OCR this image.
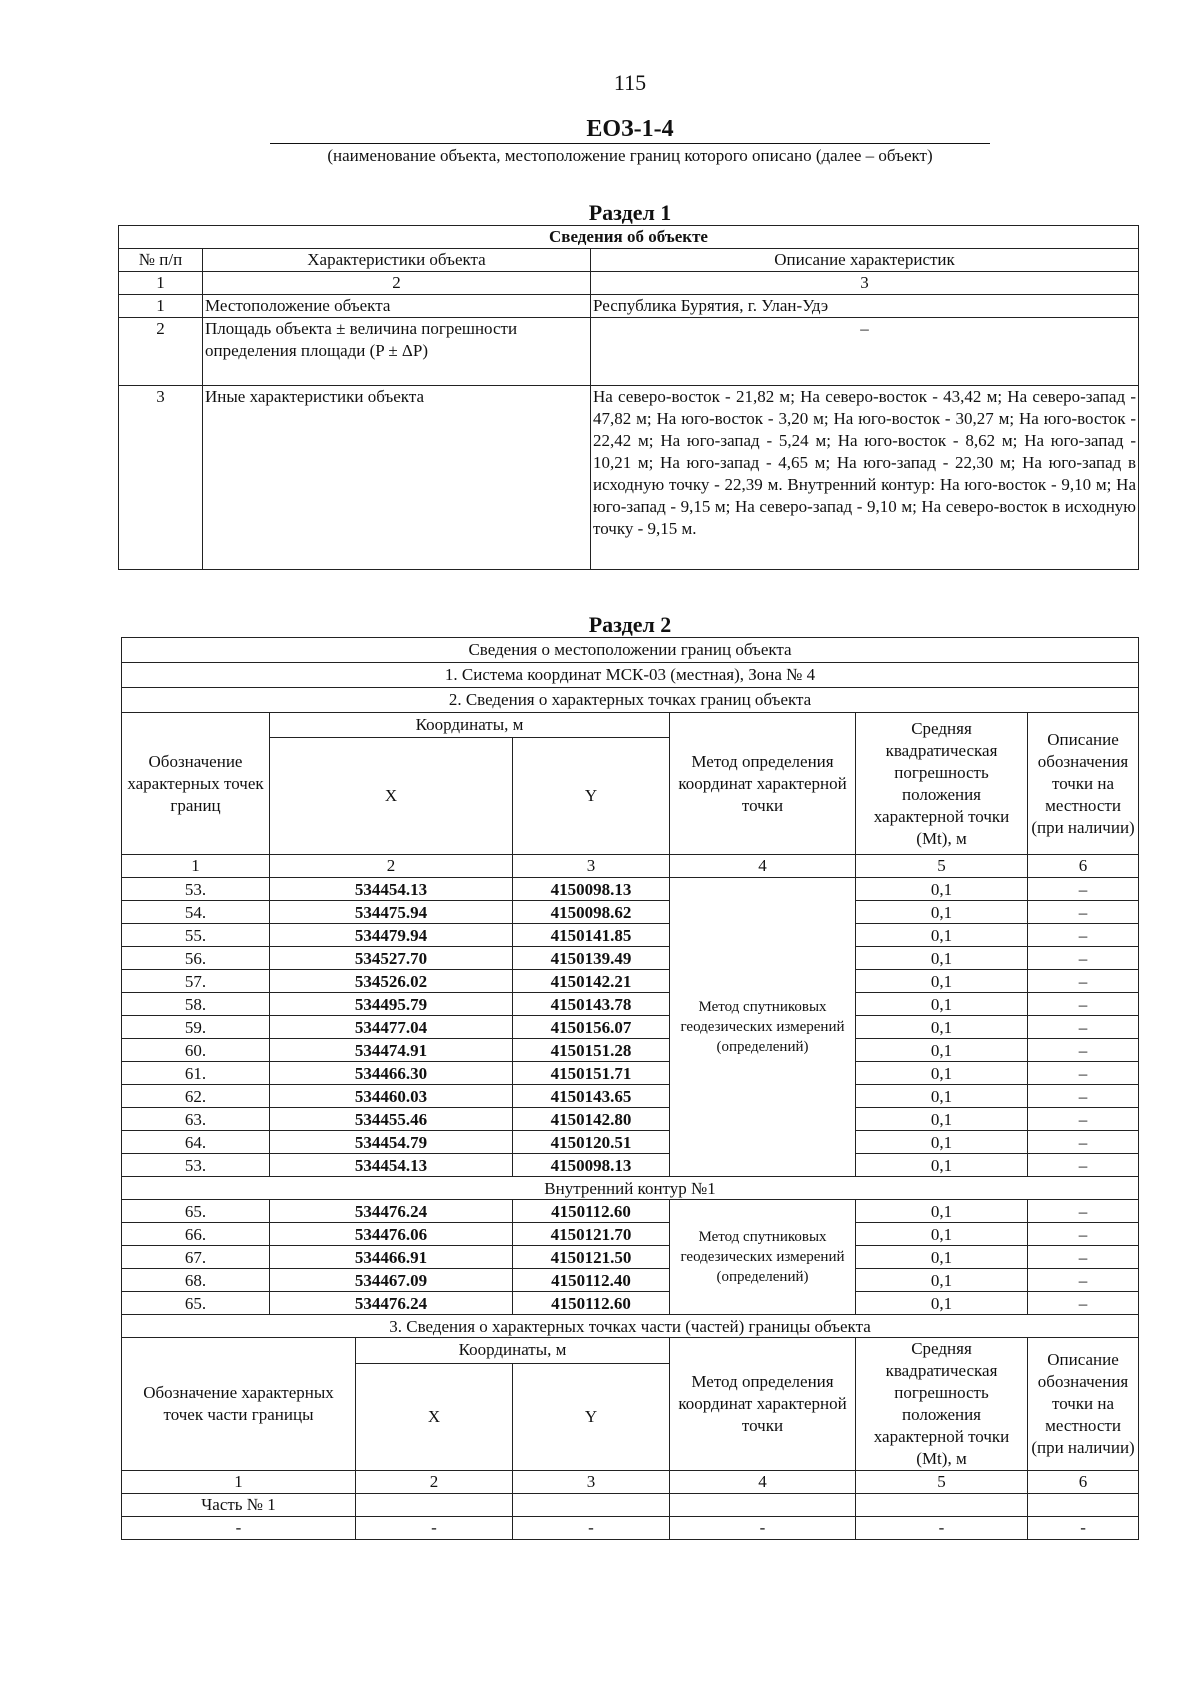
115
ЕОЗ-1-4
(наименование объекта, местоположение границ которого описано (далее – объект)
Раздел 1
Сведения об объекте		
№ п/п	Характеристики объекта	Описание характеристик
1	2	3
1	Местоположение объекта	Республика Бурятия, г. Улан-Удэ
2	Площадь объекта ± величина погрешности определения площади (P ± ΔP)	–
3	Иные характеристики объекта	На северо-восток - 21,82 м; На северо-восток - 43,42 м; На северо-запад - 47,82 м; На юго-восток - 3,20 м; На юго-восток - 30,27 м; На юго-восток - 22,42 м; На юго-запад - 5,24 м; На юго-восток - 8,62 м; На юго-запад - 10,21 м; На юго-запад - 4,65 м; На юго-запад - 22,30 м; На юго-запад в исходную точку - 22,39 м. Внутренний контур: На юго-восток - 9,10 м; На юго-запад - 9,15 м; На северо-запад - 9,10 м; На северо-восток в исходную точку - 9,15 м.
Раздел 2
Сведения о местоположении границ объекта						
1. Система координат МСК-03 (местная), Зона № 4						
2. Сведения о характерных точках границ объекта						
Обозначение характерных точек границ	Координаты, м			Метод определения координат характерной точки	Средняя квадратическая погрешность положения характерной точки (Mt), м	Описание обозначения точки на местности (при наличии)
	X		Y			
1	2		3	4	5	6
53.	534454.13		4150098.13	Метод спутниковых геодезических измерений (определений)	0,1	–
54.	534475.94		4150098.62		0,1	–
55.	534479.94		4150141.85		0,1	–
56.	534527.70		4150139.49		0,1	–
57.	534526.02		4150142.21		0,1	–
58.	534495.79		4150143.78		0,1	–
59.	534477.04		4150156.07		0,1	–
60.	534474.91		4150151.28		0,1	–
61.	534466.30		4150151.71		0,1	–
62.	534460.03		4150143.65		0,1	–
63.	534455.46		4150142.80		0,1	–
64.	534454.79		4150120.51		0,1	–
53.	534454.13		4150098.13		0,1	–
Внутренний контур №1						
65.	534476.24		4150112.60	Метод спутниковых геодезических измерений (определений)	0,1	–
66.	534476.06		4150121.70		0,1	–
67.	534466.91		4150121.50		0,1	–
68.	534467.09		4150112.40		0,1	–
65.	534476.24		4150112.60		0,1	–
3. Сведения о характерных точках части (частей) границы объекта						
Обозначение характерных точек части границы		Координаты, м		Метод определения координат характерной точки	Средняя квадратическая погрешность положения характерной точки (Mt), м	Описание обозначения точки на местности (при наличии)
		X	Y			
1		2	3	4	5	6
Часть № 1						
-		-	-	-	-	-
